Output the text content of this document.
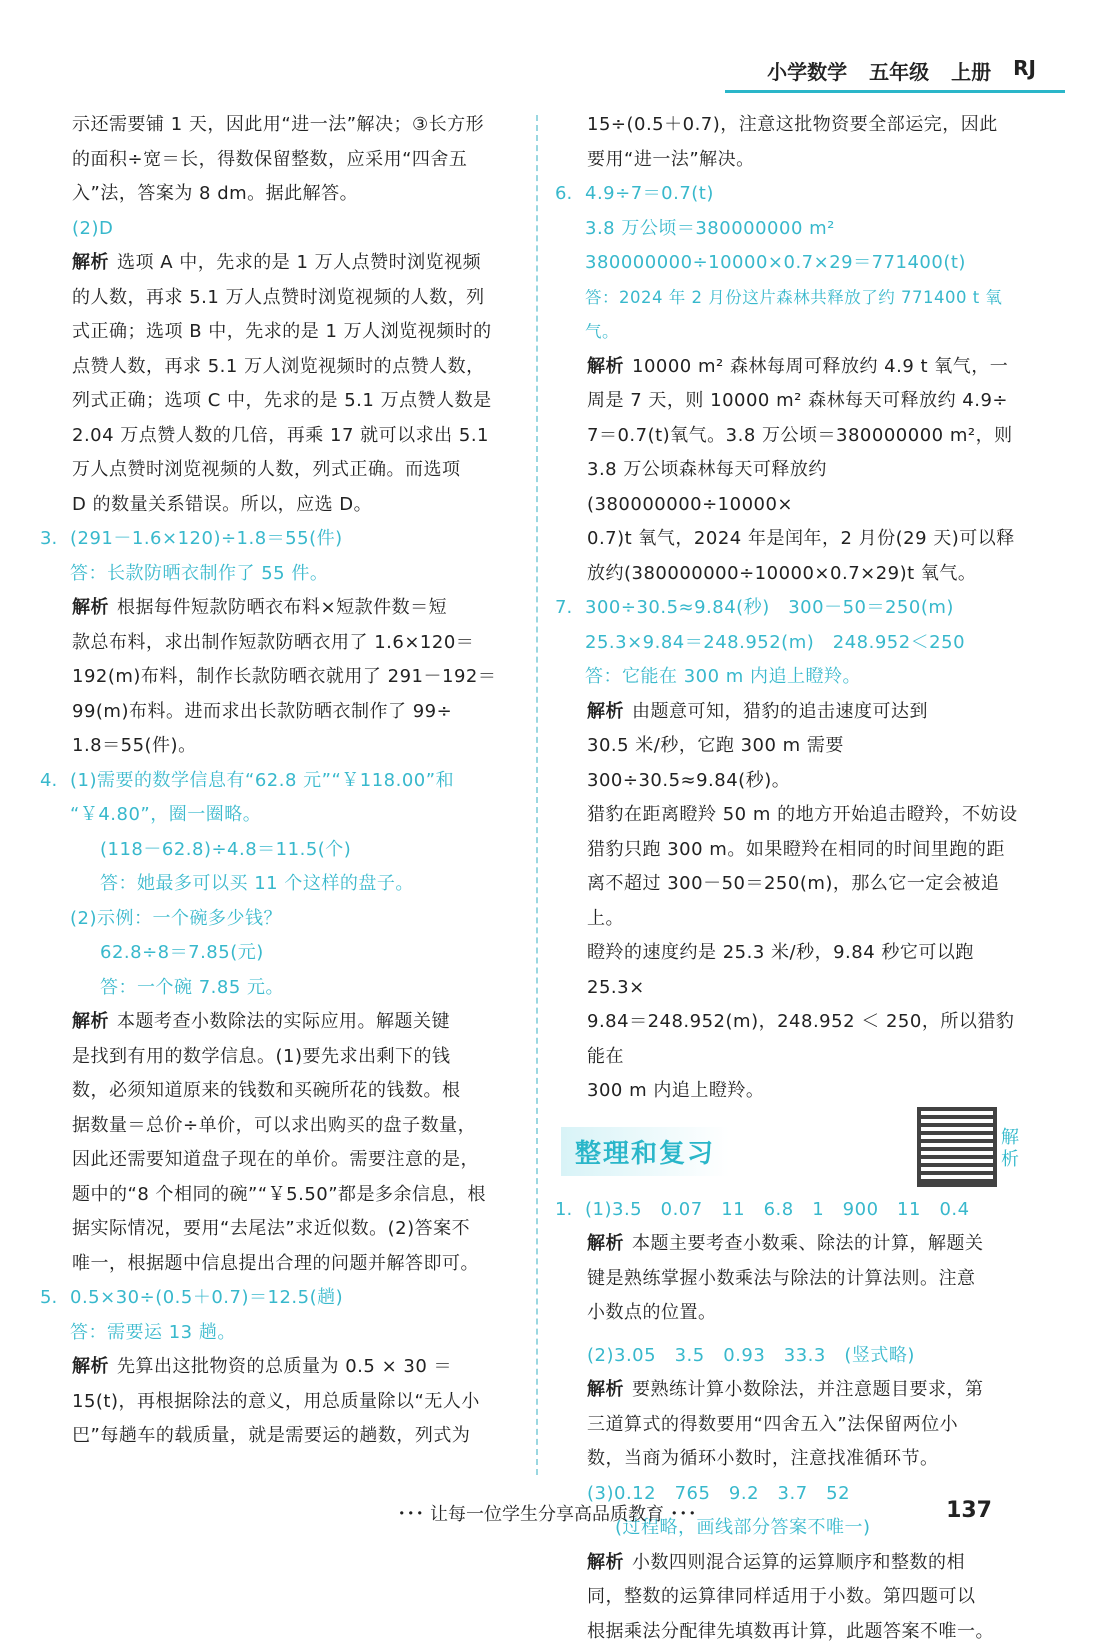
小学数学 五年级 上册 RJ

示还需要铺 1 天，因此用“进一法”解决；③长方形

的面积÷宽＝长，得数保留整数，应采用“四舍五

入”法，答案为 8 dm。据此解答。

(2)D

解析 选项 A 中，先求的是 1 万人点赞时浏览视频

的人数，再求 5.1 万人点赞时浏览视频的人数，列

式正确；选项 B 中，先求的是 1 万人浏览视频时的

点赞人数，再求 5.1 万人浏览视频时的点赞人数，

列式正确；选项 C 中，先求的是 5.1 万点赞人数是

2.04 万点赞人数的几倍，再乘 17 就可以求出 5.1

万人点赞时浏览视频的人数，列式正确。而选项

D 的数量关系错误。所以，应选 D。

3. (291－1.6×120)÷1.8＝55(件)

答：长款防晒衣制作了 55 件。

解析 根据每件短款防晒衣布料×短款件数＝短

款总布料，求出制作短款防晒衣用了 1.6×120＝

192(m)布料，制作长款防晒衣就用了 291－192＝

99(m)布料。进而求出长款防晒衣制作了 99÷

1.8＝55(件)。

4. (1)需要的数学信息有“62.8 元”“￥118.00”和

“￥4.80”，圈一圈略。

(118－62.8)÷4.8＝11.5(个)

答：她最多可以买 11 个这样的盘子。

(2)示例：一个碗多少钱？

62.8÷8＝7.85(元)

答：一个碗 7.85 元。

解析 本题考查小数除法的实际应用。解题关键

是找到有用的数学信息。(1)要先求出剩下的钱

数，必须知道原来的钱数和买碗所花的钱数。根

据数量＝总价÷单价，可以求出购买的盘子数量，

因此还需要知道盘子现在的单价。需要注意的是，

题中的“8 个相同的碗”“￥5.50”都是多余信息，根

据实际情况，要用“去尾法”求近似数。(2)答案不

唯一，根据题中信息提出合理的问题并解答即可。

5. 0.5×30÷(0.5＋0.7)＝12.5(趟)

答：需要运 13 趟。

解析 先算出这批物资的总质量为 0.5 × 30 ＝

15(t)，再根据除法的意义，用总质量除以“无人小

巴”每趟车的载质量，就是需要运的趟数，列式为

15÷(0.5＋0.7)，注意这批物资要全部运完，因此

要用“进一法”解决。

6. 4.9÷7＝0.7(t)

3.8 万公顷＝380000000 m²

380000000÷10000×0.7×29＝771400(t)

答：2024 年 2 月份这片森林共释放了约 771400 t 氧气。

解析 10000 m² 森林每周可释放约 4.9 t 氧气，一

周是 7 天，则 10000 m² 森林每天可释放约 4.9÷

7＝0.7(t)氧气。3.8 万公顷＝380000000 m²，则

3.8 万公顷森林每天可释放约(380000000÷10000×

0.7)t 氧气，2024 年是闰年，2 月份(29 天)可以释

放约(380000000÷10000×0.7×29)t 氧气。

7. 300÷30.5≈9.84(秒)　300－50＝250(m)

25.3×9.84＝248.952(m)　248.952＜250

答：它能在 300 m 内追上瞪羚。

解析 由题意可知，猎豹的追击速度可达到

30.5 米/秒，它跑 300 m 需要 300÷30.5≈9.84(秒)。

猎豹在距离瞪羚 50 m 的地方开始追击瞪羚，不妨设

猎豹只跑 300 m。如果瞪羚在相同的时间里跑的距

离不超过 300－50＝250(m)，那么它一定会被追上。

瞪羚的速度约是 25.3 米/秒，9.84 秒它可以跑 25.3×

9.84＝248.952(m)，248.952 ＜ 250，所以猎豹能在

300 m 内追上瞪羚。

整理和复习
解析
1. (1)3.5　0.07　11　6.8　1　900　11　0.4

解析 本题主要考查小数乘、除法的计算，解题关

键是熟练掌握小数乘法与除法的计算法则。注意

小数点的位置。

(2)3.05　3.5　0.93　33.3　(竖式略)

解析 要熟练计算小数除法，并注意题目要求，第

三道算式的得数要用“四舍五入”法保留两位小

数，当商为循环小数时，注意找准循环节。

(3)0.12　765　9.2　3.7　52

(过程略，画线部分答案不唯一)

解析 小数四则混合运算的运算顺序和整数的相

同，整数的运算律同样适用于小数。第四题可以

根据乘法分配律先填数再计算，此题答案不唯一。

･･･ 让每一位学生分享高品质教育 ･･･	137
